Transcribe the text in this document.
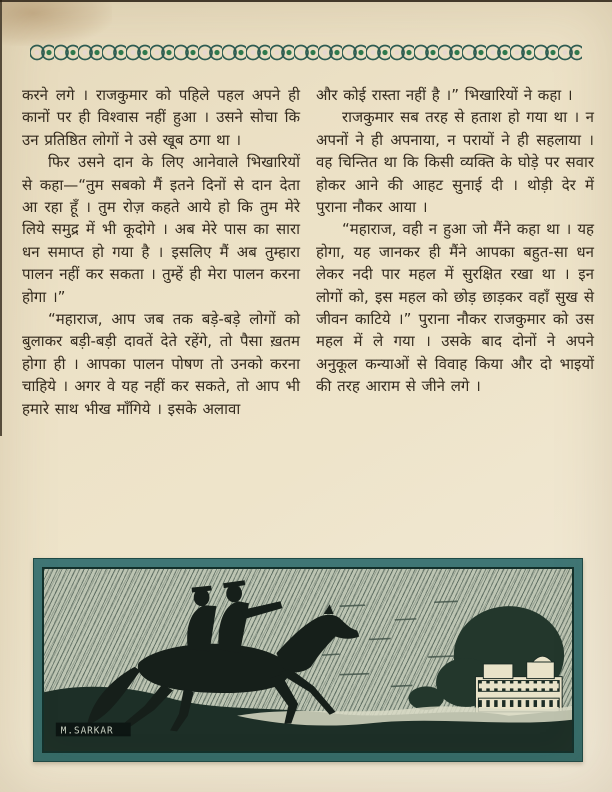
करने लगे । राजकुमार को पहिले पहल अपने ही कानों पर ही विश्वास नहीं हुआ । उसने सोचा कि उन प्रतिष्ठित लोगों ने उसे खूब ठगा था ।

फिर उसने दान के लिए आनेवाले भिखारियों से कहा—“तुम सबको मैं इतने दिनों से दान देता आ रहा हूँ । तुम रोज़ कहते आये हो कि तुम मेरे लिये समुद्र में भी कूदोगे । अब मेरे पास का सारा धन समाप्त हो गया है । इसलिए मैं अब तुम्हारा पालन नहीं कर सकता । तुम्हें ही मेरा पालन करना होगा ।”

“महाराज, आप जब तक बड़े-बड़े लोगों को बुलाकर बड़ी-बड़ी दावतें देते रहेंगे, तो पैसा ख़तम होगा ही । आपका पालन पोषण तो उनको करना चाहिये । अगर वे यह नहीं कर सकते, तो आप भी हमारे साथ भीख माँगिये । इसके अलावा

और कोई रास्ता नहीं है ।” भिखारियों ने कहा ।

राजकुमार सब तरह से हताश हो गया था । न अपनों ने ही अपनाया, न परायों ने ही सहलाया । वह चिन्तित था कि किसी व्यक्ति के घोड़े पर सवार होकर आने की आहट सुनाई दी । थोड़ी देर में पुराना नौकर आया ।

“महाराज, वही न हुआ जो मैंने कहा था । यह होगा, यह जानकर ही मैंने आपका बहुत-सा धन लेकर नदी पार महल में सुरक्षित रखा था । इन लोगों को, इस महल को छोड़ छाड़कर वहाँ सुख से जीवन काटिये ।” पुराना नौकर राजकुमार को उस महल में ले गया । उसके बाद दोनों ने अपने अनुकूल कन्याओं से विवाह किया और दो भाइयों की तरह आराम से जीने लगे ।

M.SARKAR
